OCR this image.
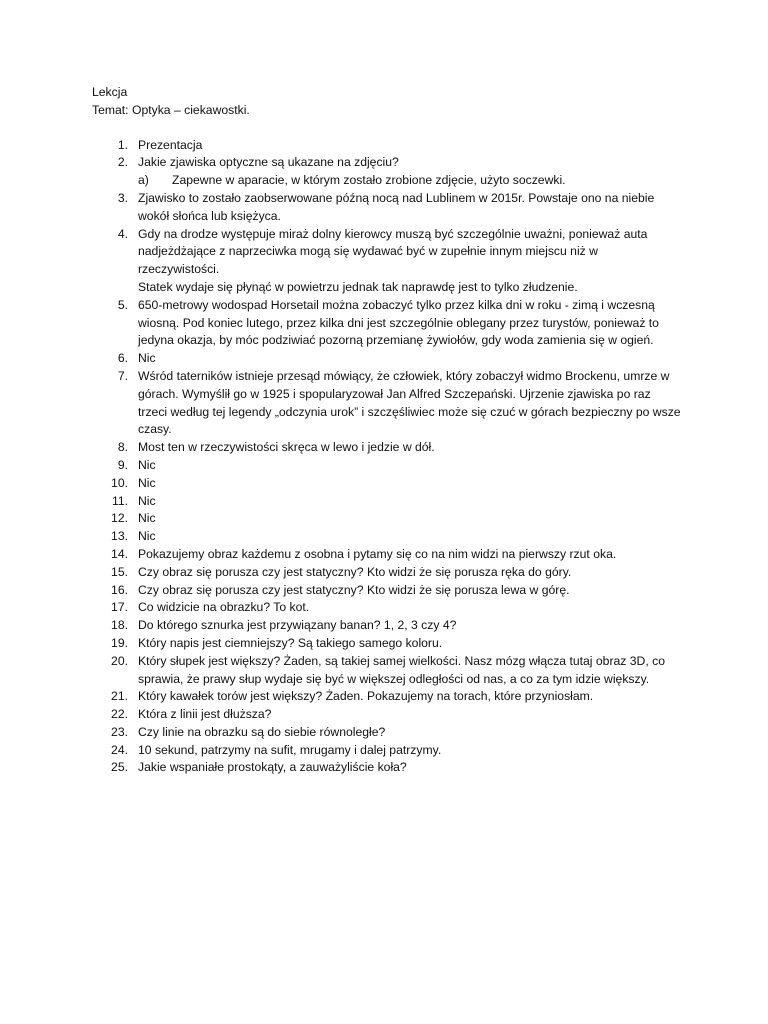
Lekcja

Temat: Optyka – ciekawostki.

1. Prezentacja
2. Jakie zjawiska optyczne są ukazane na zdjęciu?
a)	Zapewne w aparacie, w którym zostało zrobione zdjęcie, użyto soczewki.
3. Zjawisko to zostało zaobserwowane późną nocą nad Lublinem w 2015r. Powstaje ono na niebie wokół słońca lub księżyca.
4. Gdy na drodze występuje miraż dolny kierowcy muszą być szczególnie uważni, ponieważ auta nadjeżdżające z naprzeciwka mogą się wydawać być w zupełnie innym miejscu niż w rzeczywistości.

Statek wydaje się płynąć w powietrzu jednak tak naprawdę jest to tylko złudzenie.

5. 650-metrowy wodospad Horsetail można zobaczyć tylko przez kilka dni w roku - zimą i wczesną wiosną. Pod koniec lutego, przez kilka dni jest szczególnie oblegany przez turystów, ponieważ to jedyna okazja, by móc podziwiać pozorną przemianę żywiołów, gdy woda zamienia się w ogień.
6. Nic
7. Wśród taterników istnieje przesąd mówiący, że człowiek, który zobaczył widmo Brockenu, umrze w górach. Wymyślił go w 1925 i spopularyzował Jan Alfred Szczepański. Ujrzenie zjawiska po raz trzeci według tej legendy „odczynia urok” i szczęśliwiec może się czuć w górach bezpieczny po wsze czasy.
8. Most ten w rzeczywistości skręca w lewo i jedzie w dół.
9. Nic
10. Nic
11. Nic
12. Nic
13. Nic
14. Pokazujemy obraz każdemu z osobna i pytamy się co na nim widzi na pierwszy rzut oka.
15. Czy obraz się porusza czy jest statyczny? Kto widzi że się porusza ręka do góry.
16. Czy obraz się porusza czy jest statyczny? Kto widzi że się porusza lewa w górę.
17. Co widzicie na obrazku? To kot.
18. Do którego sznurka jest przywiązany banan? 1, 2, 3 czy 4?
19. Który napis jest ciemniejszy? Są takiego samego koloru.
20. Który słupek jest większy? Żaden, są takiej samej wielkości. Nasz mózg włącza tutaj obraz 3D, co sprawia, że prawy słup wydaje się być w większej odległości od nas, a co za tym idzie większy.
21. Który kawałek torów jest większy? Żaden. Pokazujemy na torach, które przyniosłam.
22. Która z linii jest dłuższa?
23. Czy linie na obrazku są do siebie równoległe?
24. 10 sekund, patrzymy na sufit, mrugamy i dalej patrzymy.
25. Jakie wspaniałe prostokąty, a zauważyliście koła?
